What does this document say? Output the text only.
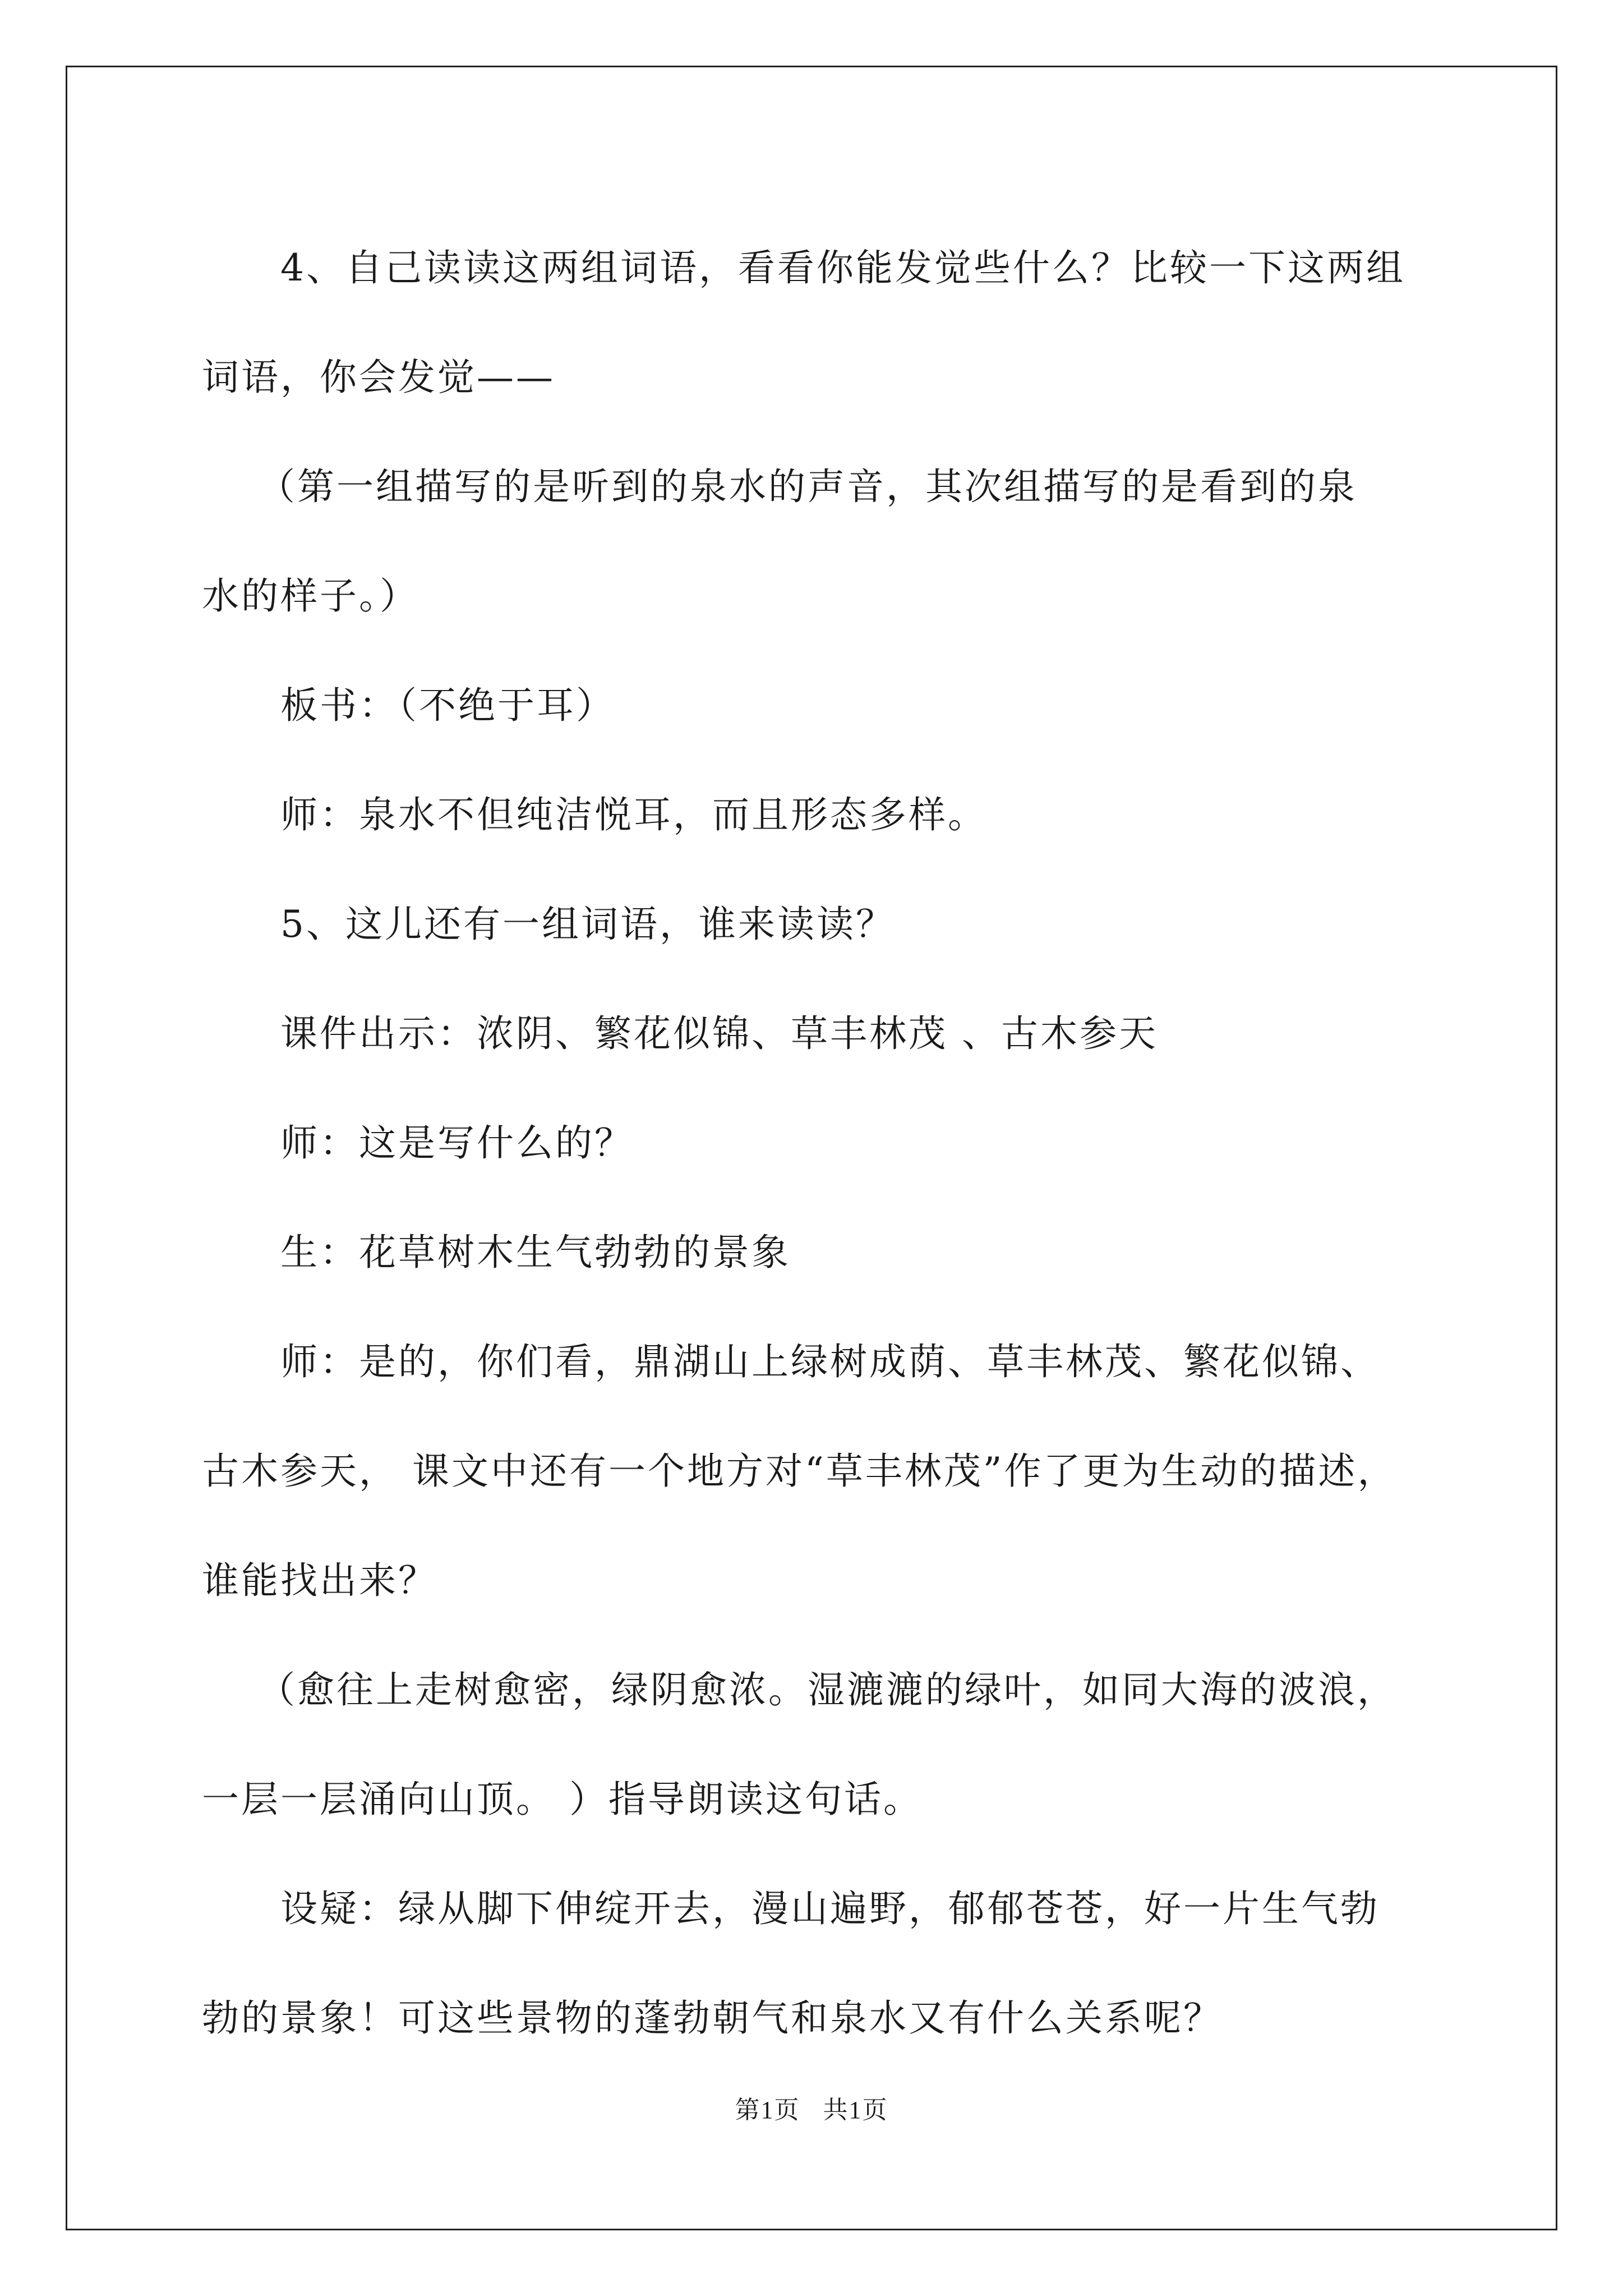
4、自己读读这两组词语，看看你能发觉些什么？比较一下这两组

词语，你会发觉——

（第一组描写的是听到的泉水的声音，其次组描写的是看到的泉

水的样子。）

板书：（不绝于耳）

师：泉水不但纯洁悦耳，而且形态多样。

5、这儿还有一组词语，谁来读读？

课件出示：浓阴、繁花似锦、草丰林茂 、古木参天

师：这是写什么的？

生：花草树木生气勃勃的景象

师：是的，你们看，鼎湖山上绿树成荫、草丰林茂、繁花似锦、

古木参天， 课文中还有一个地方对“草丰林茂”作了更为生动的描述，

谁能找出来？

（愈往上走树愈密，绿阴愈浓。湿漉漉的绿叶，如同大海的波浪，

一层一层涌向山顶。 ）指导朗读这句话。

设疑：绿从脚下伸绽开去，漫山遍野，郁郁苍苍，好一片生气勃

勃的景象！可这些景物的蓬勃朝气和泉水又有什么关系呢？

第1页 共1页
